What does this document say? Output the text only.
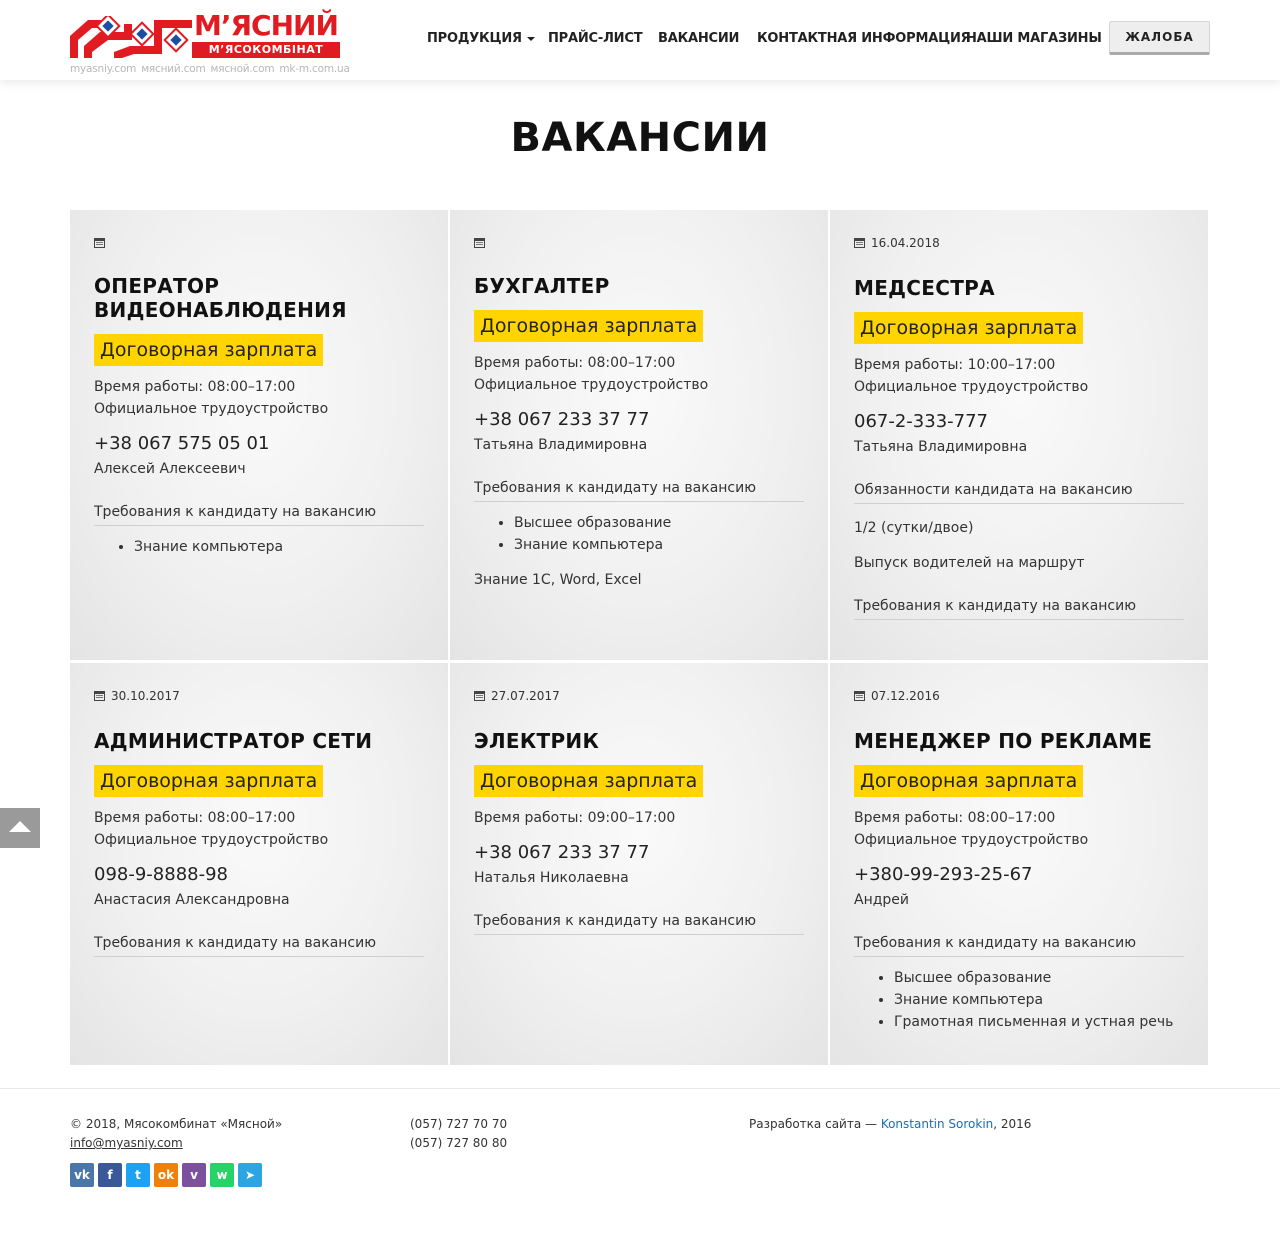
М’ЯСНИЙ
М’ЯСОКОМБІНАТ
myasniy.com мясний.com мясной.com mk-m.com.ua
ПРОДУКЦИЯ	ПРАЙС-ЛИСТ ВАКАНСИИ КОНТАКТНАЯ ИНФОРМАЦИЯ
НАШИ МАГАЗИНЫ	ЖАЛОБА
ВАКАНСИИ
ОПЕРАТОР ВИДЕОНАБЛЮДЕНИЯ
Договорная зарплата
Время работы: 08:00–17:00
Официальное трудоустройство
+38 067 575 05 01
Алексей Алексеевич
Требования к кандидату на вакансию
• Знание компьютера
БУХГАЛТЕР
Договорная зарплата
Время работы: 08:00–17:00
Официальное трудоустройство
+38 067 233 37 77
Татьяна Владимировна
Требования к кандидату на вакансию
• Высшее образование
• Знание компьютера
Знание 1С, Word, Excel
16.04.2018
МЕДСЕСТРА
Договорная зарплата
Время работы: 10:00–17:00
Официальное трудоустройство
067-2-333-777
Татьяна Владимировна
Обязанности кандидата на вакансию
1/2 (сутки/двое)
Выпуск водителей на маршрут
Требования к кандидату на вакансию
30.10.2017
АДМИНИСТРАТОР СЕТИ
Договорная зарплата
Время работы: 08:00–17:00
Официальное трудоустройство
098-9-8888-98
Анастасия Александровна
Требования к кандидату на вакансию
27.07.2017
ЭЛЕКТРИК
Договорная зарплата
Время работы: 09:00–17:00
+38 067 233 37 77
Наталья Николаевна
Требования к кандидату на вакансию
07.12.2016
МЕНЕДЖЕР ПО РЕКЛАМЕ
Договорная зарплата
Время работы: 08:00–17:00
Официальное трудоустройство
+380-99-293-25-67
Андрей
Требования к кандидату на вакансию
• Высшее образование
• Знание компьютера
• Грамотная письменная и устная речь
© 2018, Мясокомбинат «Мясной»
info@myasniy.com
vk f t ok v w ➤
(057) 727 70 70
(057) 727 80 80
Разработка сайта — Konstantin Sorokin, 2016
